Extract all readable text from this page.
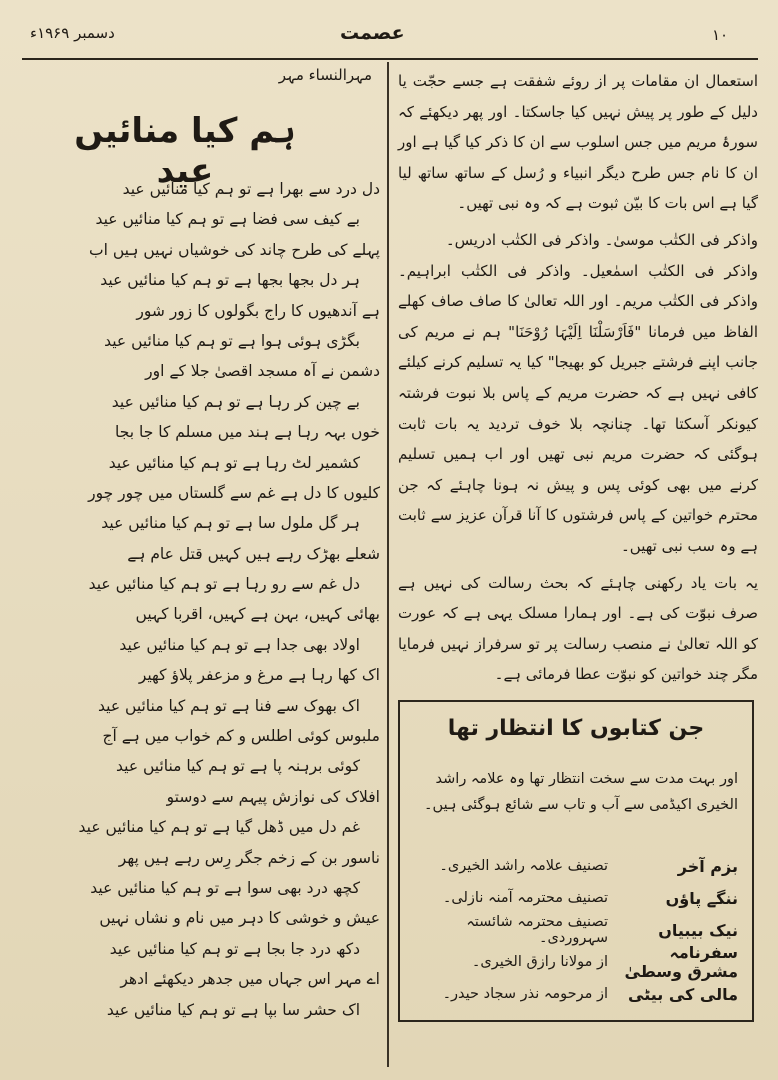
دسمبر ۱۹۶۹ء	عصمت	۱۰
مہرالنساء مہر
ہم کیا منائیں عید
دل درد سے بھرا ہے تو ہم کیا منائیں عید
بے کیف سی فضا ہے تو ہم کیا منائیں عید
پہلے کی طرح چاند کی خوشیاں نہیں ہیں اب
ہر دل بجھا بجھا ہے تو ہم کیا منائیں عید
ہے آندھیوں کا راج بگولوں کا زور شور
بگڑی ہوئی ہوا ہے تو ہم کیا منائیں عید
دشمن نے آہ مسجد اقصیٰ جلا کے اور
بے چین کر رہا ہے تو ہم کیا منائیں عید
خوں بہہ رہا ہے ہند میں مسلم کا جا بجا
کشمیر لٹ رہا ہے تو ہم کیا منائیں عید
کلیوں کا دل ہے غم سے گلستاں میں چور چور
ہر گل ملول سا ہے تو ہم کیا منائیں عید
شعلے بھڑک رہے ہیں کہیں قتل عام ہے
دل غم سے رو رہا ہے تو ہم کیا منائیں عید
بھائی کہیں، بہن ہے کہیں، اقربا کہیں
اولاد بھی جدا ہے تو ہم کیا منائیں عید
اک کھا رہا ہے مرغ و مزعفر پلاؤ کھیر
اک بھوک سے فنا ہے تو ہم کیا منائیں عید
ملبوس کوئی اطلس و کم خواب میں ہے آج
کوئی برہنہ پا ہے تو ہم کیا منائیں عید
افلاک کی نوازش پیہم سے دوستو
غم دل میں ڈھل گیا ہے تو ہم کیا منائیں عید
ناسور بن کے زخم جگر رِس رہے ہیں پھر
کچھ درد بھی سوا ہے تو ہم کیا منائیں عید
عیش و خوشی کا دہر میں نام و نشاں نہیں
دکھ درد جا بجا ہے تو ہم کیا منائیں عید
اے مہر اس جہاں میں جدھر دیکھئے ادھر
اک حشر سا بپا ہے تو ہم کیا منائیں عید

استعمال ان مقامات پر از روئے شفقت ہے جسے حجّت یا دلیل کے طور پر پیش نہیں کیا جاسکتا۔ اور پھر دیکھئے کہ سورۂ مریم میں جس اسلوب سے ان کا ذکر کیا گیا ہے اور ان کا نام جس طرح دیگر انبیاء و رُسل کے ساتھ ساتھ لیا گیا ہے اس بات کا بیّن ثبوت ہے کہ وہ نبی تھیں۔

واذکر فی الکتٰب موسیٰ۔ واذکر فی الکتٰب ادریس۔

واذکر فی الکتٰب اسمٰعیل۔ واذکر فی الکتٰب ابراہیم۔ واذکر فی الکتٰب مریم۔ اور اللہ تعالیٰ کا صاف صاف کھلے الفاظ میں فرمانا "فَاَرْسَلْنَا اِلَیْہَا رُوْحَنَا" ہم نے مریم کی جانب اپنے فرشتے جبریل کو بھیجا" کیا یہ تسلیم کرنے کیلئے کافی نہیں ہے کہ حضرت مریم کے پاس بلا نبوت فرشتہ کیونکر آسکتا تھا۔ چنانچہ بلا خوف تردید یہ بات ثابت ہوگئی کہ حضرت مریم نبی تھیں اور اب ہمیں تسلیم کرنے میں بھی کوئی پس و پیش نہ ہونا چاہئے کہ جن محترم خواتین کے پاس فرشتوں کا آنا قرآن عزیز سے ثابت ہے وہ سب نبی تھیں۔

یہ بات یاد رکھنی چاہئے کہ بحث رسالت کی نہیں ہے صرف نبوّت کی ہے۔ اور ہمارا مسلک یہی ہے کہ عورت کو اللہ تعالیٰ نے منصب رسالت پر تو سرفراز نہیں فرمایا مگر چند خواتین کو نبوّت عطا فرمائی ہے۔

جن کتابوں کا انتظار تھا
اور بہت مدت سے سخت انتظار تھا وہ علامہ راشد الخیری اکیڈمی سے آب و تاب سے شائع ہوگئی ہیں۔
بزم آخر
تصنیف علامہ راشد الخیری۔
ننگے پاؤں
تصنیف محترمہ آمنہ نازلی۔
نیک بیبیاں
تصنیف محترمہ شائستہ سہروردی۔
سفرنامہ مشرق وسطیٰ
از مولانا رازق الخیری۔
مالی کی بیٹی
از مرحومہ نذر سجاد حیدر۔
